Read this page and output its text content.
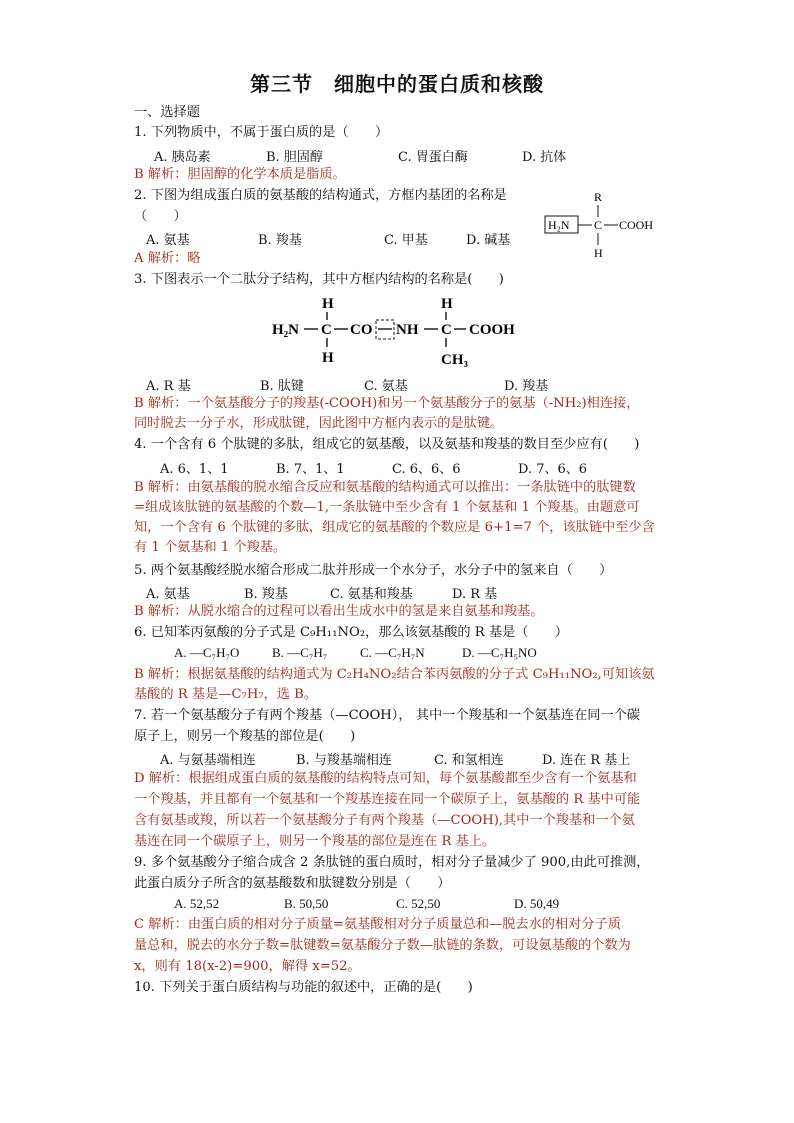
第三节　细胞中的蛋白质和核酸
一、选择题
1. 下列物质中，不属于蛋白质的是（　　）
A. 胰岛素	B. 胆固醇	C. 胃蛋白酶	D. 抗体
B 解析：胆固醇的化学本质是脂质。
2. 下图为组成蛋白质的氨基酸的结构通式，方框内基团的名称是
（　　）
A. 氨基	B. 羧基	C. 甲基	D. 碱基
A 解析：略
R
H₂N C COOH
H
3. 下图表示一个二肽分子结构，其中方框内结构的名称是(　　)
H
H₂N C CO NH C
H
COOH
H	CH₃
A. R 基	B. 肽键	C. 氨基	D. 羧基
B 解析：一个氨基酸分子的羧基(-COOH)和另一个氨基酸分子的氨基（-NH₂)相连接，
同时脱去一分子水，形成肽键，因此图中方框内表示的是肽键。
4. 一个含有 6 个肽键的多肽，组成它的氨基酸，以及氨基和羧基的数目至少应有(　　)
A. 6、1、1	B. 7、1、1	C. 6、6、6	D. 7、6、6
B 解析：由氨基酸的脱水缩合反应和氨基酸的结构通式可以推出：一条肽链中的肽键数
=组成该肽链的氨基酸的个数—1,一条肽链中至少含有 1 个氨基和 1 个羧基。由题意可
知，一个含有 6 个肽键的多肽，组成它的氨基酸的个数应是 6+1=7 个，该肽链中至少含
有 1 个氨基和 1 个羧基。
5. 两个氨基酸经脱水缩合形成二肽并形成一个水分子，水分子中的氢来自（　　）
A. 氨基	B. 羧基	C. 氨基和羧基	D. R 基
B 解析：从脱水缩合的过程可以看出生成水中的氢是来自氨基和羧基。
6. 已知苯丙氨酸的分子式是 C₉H₁₁NO₂，那么该氨基酸的 R 基是（　　）
A. —C₇H₇O	B. —C₇H₇	C. —C₇H₇N	D. —C₇H₅NO
B 解析：根据氨基酸的结构通式为 C₂H₄NO₂结合苯丙氨酸的分子式 C₉H₁₁NO₂,可知该氨
基酸的 R 基是—C₇H₇，选 B。
7. 若一个氨基酸分子有两个羧基（—COOH）， 其中一个羧基和一个氨基连在同一个碳
原子上，则另一个羧基的部位是(　　)
A. 与氨基端相连	B. 与羧基端相连	C. 和氢相连	D. 连在 R 基上
D 解析：根据组成蛋白质的氨基酸的结构特点可知，每个氨基酸都至少含有一个氨基和
一个羧基，并且都有一个氨基和一个羧基连接在同一个碳原子上，氨基酸的 R 基中可能
含有氨基或羧，所以若一个氨基酸分子有两个羧基（—COOH),其中一个羧基和一个氨
基连在同一个碳原子上，则另一个羧基的部位是连在 R 基上。
9. 多个氨基酸分子缩合成含 2 条肽链的蛋白质时，相对分子量减少了 900,由此可推测，
此蛋白质分子所含的氨基酸数和肽键数分别是（　　）
A. 52,52	B. 50,50	C. 52,50	D. 50,49
C 解析：由蛋白质的相对分子质量=氨基酸相对分子质量总和—脱去水的相对分子质
量总和，脱去的水分子数=肽键数=氨基酸分子数—肽链的条数，可设氨基酸的个数为
x，则有 18(x-2)=900，解得 x=52。
10. 下列关于蛋白质结构与功能的叙述中，正确的是(　　)
